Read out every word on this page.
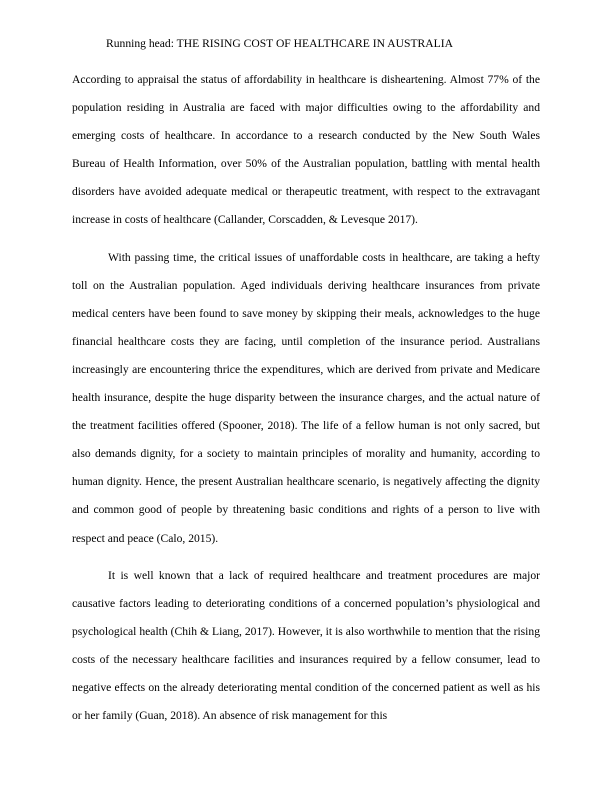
Running head: THE RISING COST OF HEALTHCARE IN AUSTRALIA

According to appraisal the status of affordability in healthcare is disheartening. Almost 77% of the population residing in Australia are faced with major difficulties owing to the affordability and emerging costs of healthcare. In accordance to a research conducted by the New South Wales Bureau of Health Information, over 50% of the Australian population, battling with mental health disorders have avoided adequate medical or therapeutic treatment, with respect to the extravagant increase in costs of healthcare (Callander, Corscadden, & Levesque 2017).

With passing time, the critical issues of unaffordable costs in healthcare, are taking a hefty toll on the Australian population. Aged individuals deriving healthcare insurances from private medical centers have been found to save money by skipping their meals, acknowledges to the huge financial healthcare costs they are facing, until completion of the insurance period. Australians increasingly are encountering thrice the expenditures, which are derived from private and Medicare health insurance, despite the huge disparity between the insurance charges, and the actual nature of the treatment facilities offered (Spooner, 2018). The life of a fellow human is not only sacred, but also demands dignity, for a society to maintain principles of morality and humanity, according to human dignity. Hence, the present Australian healthcare scenario, is negatively affecting the dignity and common good of people by threatening basic conditions and rights of a person to live with respect and peace (Calo, 2015).

It is well known that a lack of required healthcare and treatment procedures are major causative factors leading to deteriorating conditions of a concerned population’s physiological and psychological health (Chih & Liang, 2017). However, it is also worthwhile to mention that the rising costs of the necessary healthcare facilities and insurances required by a fellow consumer, lead to negative effects on the already deteriorating mental condition of the concerned patient as well as his or her family (Guan, 2018). An absence of risk management for this
